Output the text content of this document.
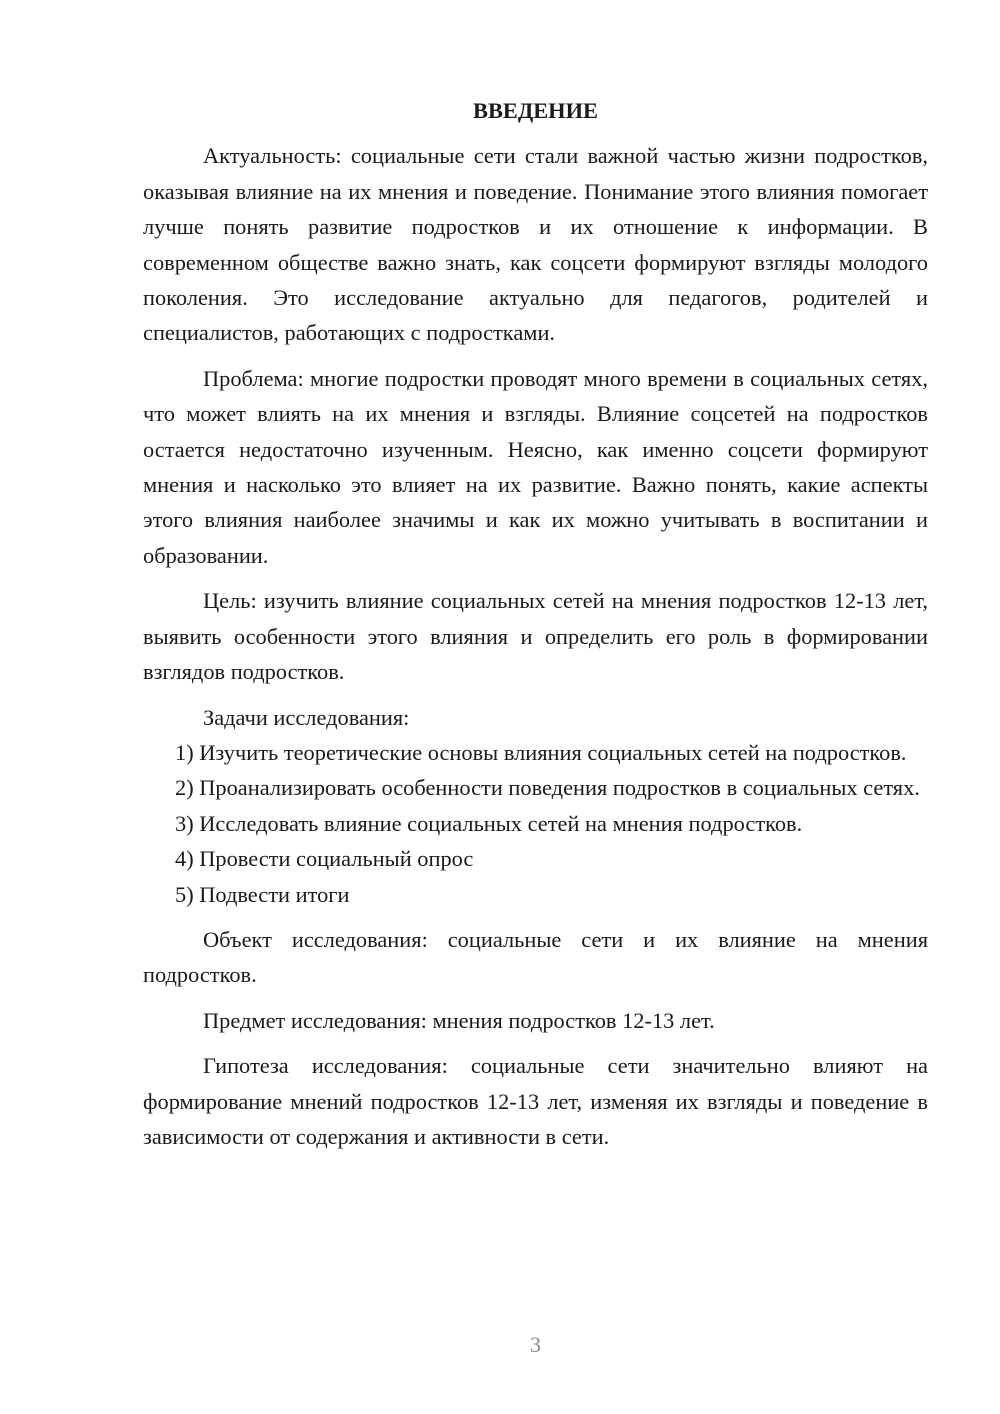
ВВЕДЕНИЕ

Актуальность: социальные сети стали важной частью жизни подростков, оказывая влияние на их мнения и поведение. Понимание этого влияния помогает лучше понять развитие подростков и их отношение к информации. В современном обществе важно знать, как соцсети формируют взгляды молодого поколения. Это исследование актуально для педагогов, родителей и специалистов, работающих с подростками.

Проблема: многие подростки проводят много времени в социальных сетях, что может влиять на их мнения и взгляды. Влияние соцсетей на подростков остается недостаточно изученным. Неясно, как именно соцсети формируют мнения и насколько это влияет на их развитие. Важно понять, какие аспекты этого влияния наиболее значимы и как их можно учитывать в воспитании и образовании.

Цель: изучить влияние социальных сетей на мнения подростков 12-13 лет, выявить особенности этого влияния и определить его роль в формировании взглядов подростков.

Задачи исследования:

1) Изучить теоретические основы влияния социальных сетей на подростков.

2) Проанализировать особенности поведения подростков в социальных сетях.

3) Исследовать влияние социальных сетей на мнения подростков.

4) Провести социальный опрос

5) Подвести итоги

Объект исследования: социальные сети и их влияние на мнения подростков.

Предмет исследования: мнения подростков 12-13 лет.

Гипотеза исследования: социальные сети значительно влияют на формирование мнений подростков 12-13 лет, изменяя их взгляды и поведение в зависимости от содержания и активности в сети.

3
